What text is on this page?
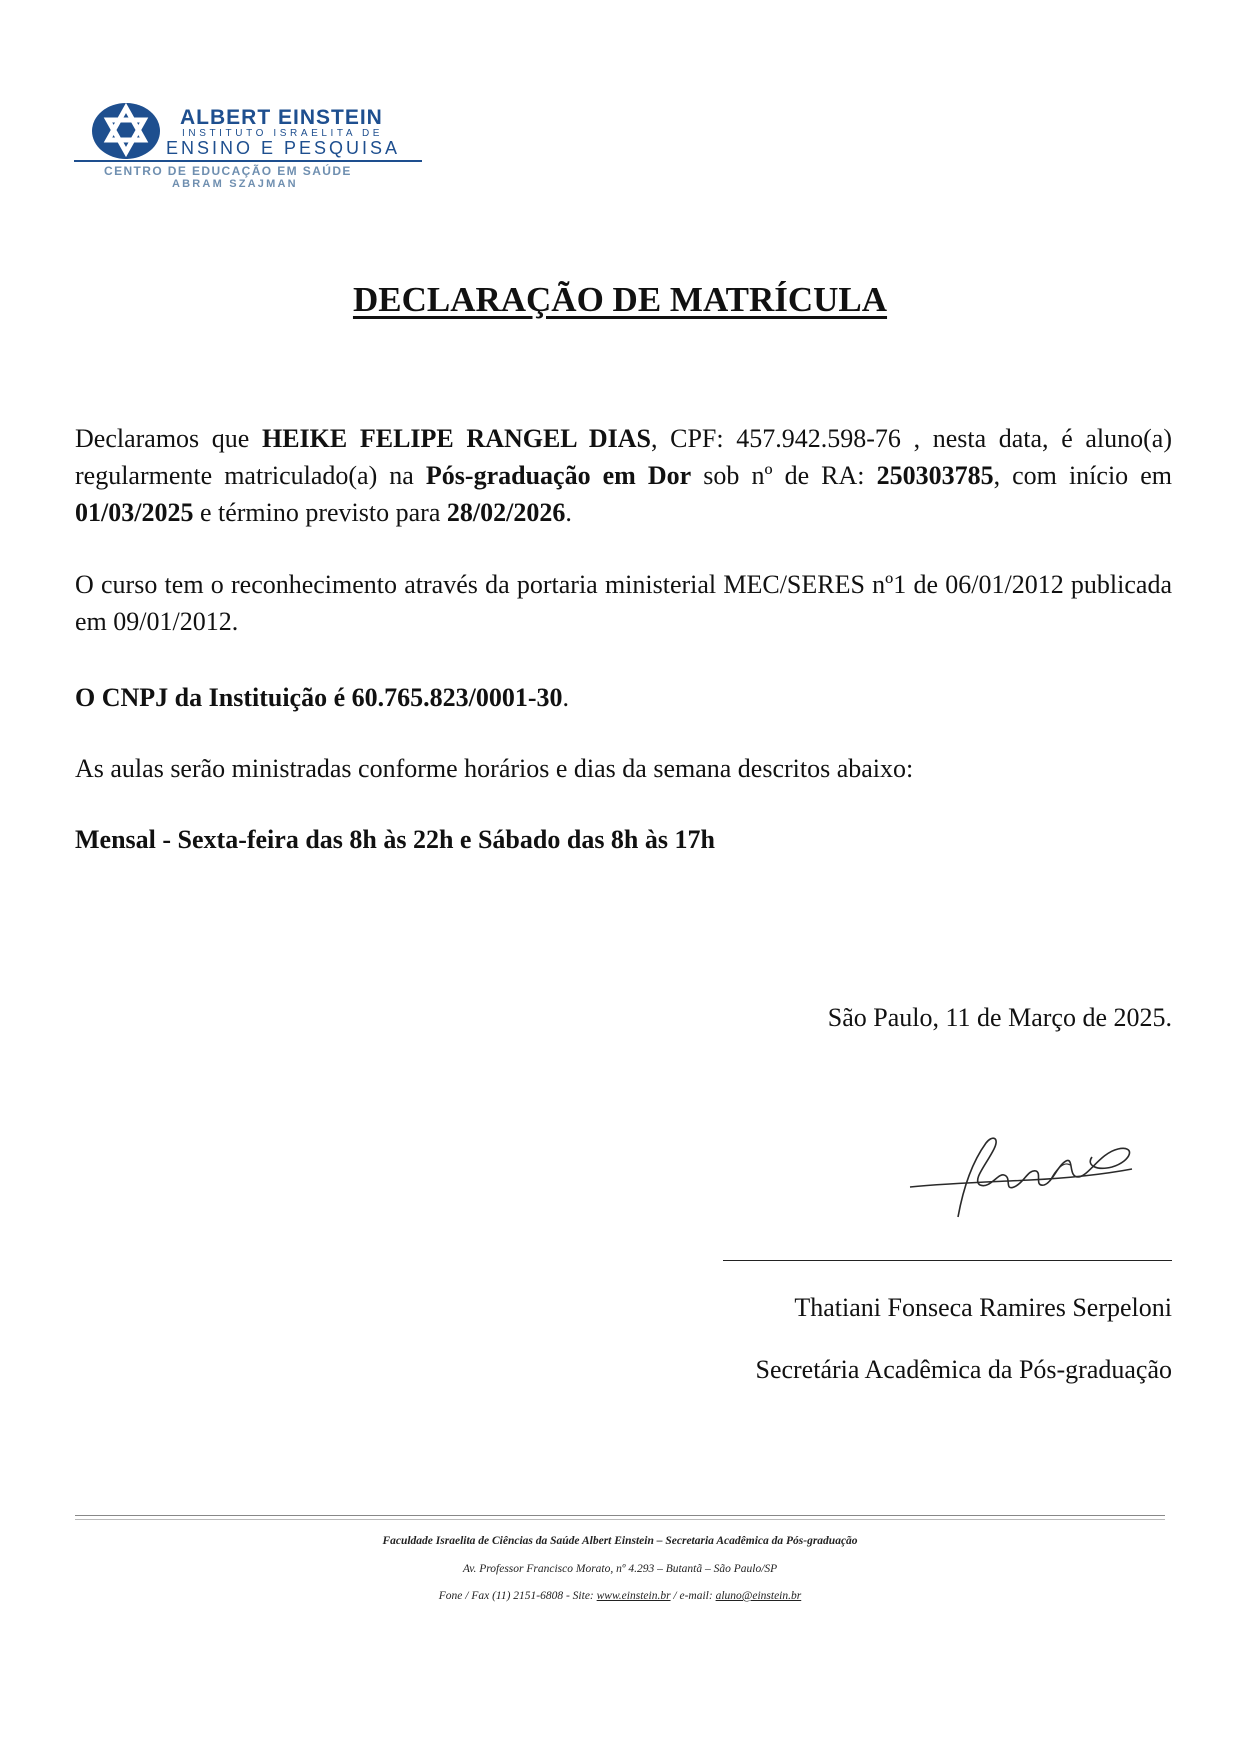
ALBERT EINSTEIN
INSTITUTO ISRAELITA DE
ENSINO E PESQUISA
CENTRO DE EDUCAÇÃO EM SAÚDE
ABRAM SZAJMAN
DECLARAÇÃO DE MATRÍCULA

Declaramos que HEIKE FELIPE RANGEL DIAS, CPF: 457.942.598-76 , nesta data, é aluno(a) regularmente matriculado(a) na Pós-graduação em Dor sob nº de RA: 250303785, com início em 01/03/2025 e término previsto para 28/02/2026.

O curso tem o reconhecimento através da portaria ministerial MEC/SERES nº1 de 06/01/2012 publicada em 09/01/2012.

O CNPJ da Instituição é 60.765.823/0001-30.

As aulas serão ministradas conforme horários e dias da semana descritos abaixo:

Mensal - Sexta-feira das 8h às 22h e Sábado das 8h às 17h

São Paulo, 11 de Março de 2025.
Thatiani Fonseca Ramires Serpeloni
Secretária Acadêmica da Pós-graduação
Faculdade Israelita de Ciências da Saúde Albert Einstein – Secretaria Acadêmica da Pós-graduação
Av. Professor Francisco Morato, nº 4.293 – Butantã – São Paulo/SP
Fone / Fax (11) 2151-6808 - Site: www.einstein.br / e-mail: aluno@einstein.br
